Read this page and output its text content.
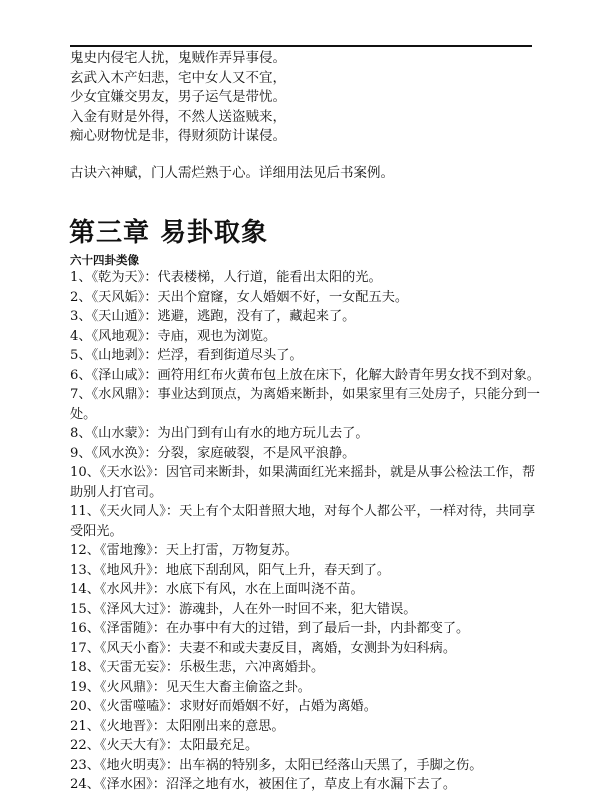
鬼史内侵宅人扰，鬼贼作弄异事侵。
玄武入木产妇悲，宅中女人又不宜，
少女宜嫌交男友，男子运气是带忧。
入金有财是外得，不然人送盗贼来，
痴心财物忧是非，得财须防计谋侵。
古诀六神赋，门人需烂熟于心。详细用法见后书案例。
第三章 易卦取象
六十四卦类像
1、《乾为天》：代表楼梯，人行道，能看出太阳的光。
2、《天风姤》：天出个窟窿，女人婚姻不好，一女配五夫。
3、《天山遁》：逃避，逃跑，没有了，藏起来了。
4、《风地观》：寺庙，观也为浏览。
5、《山地剥》：烂浮，看到街道尽头了。
6、《泽山咸》：画符用红布火黄布包上放在床下，化解大龄青年男女找不到对象。
7、《水风鼎》：事业达到顶点，为离婚来断卦，如果家里有三处房子，只能分到一处。
8、《山水蒙》：为出门到有山有水的地方玩儿去了。
9、《风水涣》：分裂，家庭破裂，不是风平浪静。
10、《天水讼》：因官司来断卦，如果满面红光来摇卦，就是从事公检法工作，帮助别人打官司。
11、《天火同人》：天上有个太阳普照大地，对每个人都公平，一样对待，共同享受阳光。
12、《雷地豫》：天上打雷，万物复苏。
13、《地风升》：地底下刮刮风，阳气上升，春天到了。
14、《水风井》：水底下有风，水在上面叫浇不苗。
15、《泽风大过》：游魂卦，人在外一时回不来，犯大错误。
16、《泽雷随》：在办事中有大的过错，到了最后一卦，内卦都变了。
17、《风天小畜》：夫妻不和或夫妻反目，离婚，女测卦为妇科病。
18、《天雷无妄》：乐极生悲，六冲离婚卦。
19、《火风鼎》：见天生大畜主偷盗之卦。
20、《火雷噬嗑》：求财好而婚姻不好，占婚为离婚。
21、《火地晋》：太阳刚出来的意思。
22、《火天大有》：太阳最充足。
23、《地火明夷》：出车祸的特别多，太阳已经落山天黑了，手脚之伤。
24、《泽水困》：沼泽之地有水，被困住了，草皮上有水漏下去了。
